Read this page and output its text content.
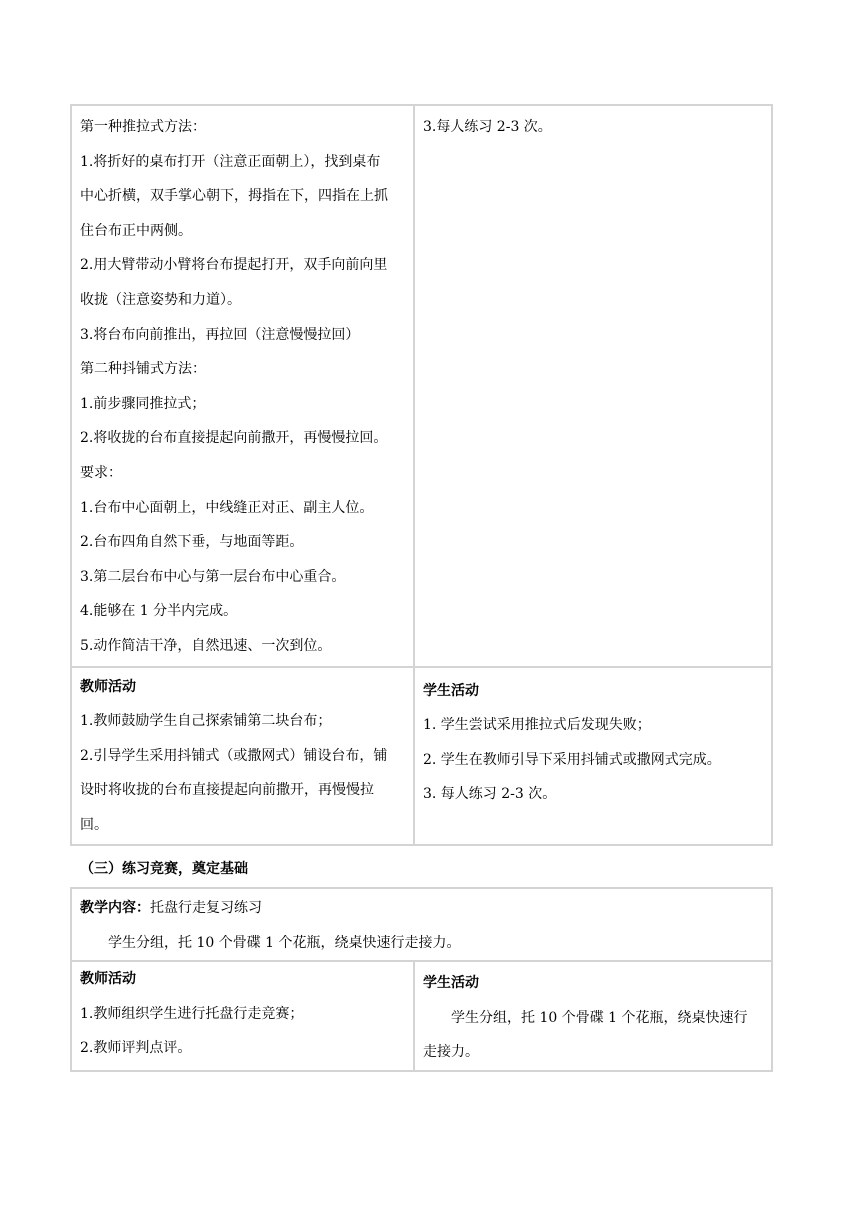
第一种推拉式方法：
1.将折好的桌布打开（注意正面朝上），找到桌布
中心折横，双手掌心朝下，拇指在下，四指在上抓
住台布正中两侧。
2.用大臂带动小臂将台布提起打开，双手向前向里
收拢（注意姿势和力道）。
3.将台布向前推出，再拉回（注意慢慢拉回）
第二种抖铺式方法：
1.前步骤同推拉式；
2.将收拢的台布直接提起向前撒开，再慢慢拉回。
要求：
1.台布中心面朝上，中线缝正对正、副主人位。
2.台布四角自然下垂，与地面等距。
3.第二层台布中心与第一层台布中心重合。
4.能够在 1 分半内完成。
5.动作简洁干净，自然迅速、一次到位。
3.每人练习 2-3 次。
教师活动
1.教师鼓励学生自己探索铺第二块台布；
2.引导学生采用抖铺式（或撒网式）铺设台布，铺
设时将收拢的台布直接提起向前撒开，再慢慢拉
回。
学生活动
1. 学生尝试采用推拉式后发现失败；
2. 学生在教师引导下采用抖铺式或撒网式完成。
3. 每人练习 2-3 次。
（三）练习竞赛，奠定基础
教学内容：托盘行走复习练习
学生分组，托 10 个骨碟 1 个花瓶，绕桌快速行走接力。
教师活动
1.教师组织学生进行托盘行走竞赛；
2.教师评判点评。
学生活动
学生分组，托 10 个骨碟 1 个花瓶，绕桌快速行
走接力。
